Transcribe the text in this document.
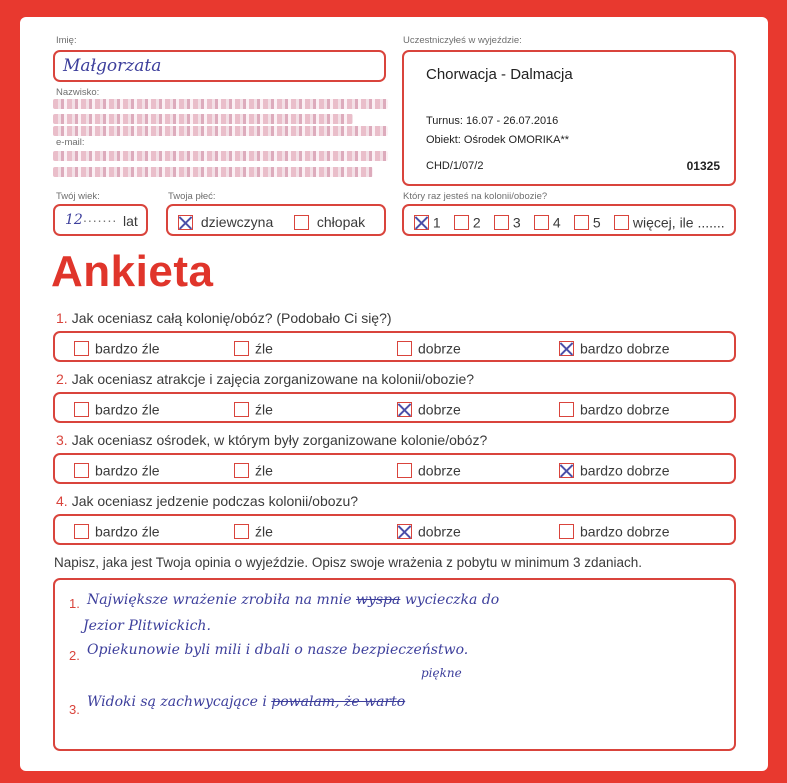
Imię:
Małgorzata
Nazwisko:
e-mail:
Twój wiek:
12 ....... lat
Twoja płeć:
dziewczyna	chłopak
Uczestniczyłeś w wyjeździe:
Chorwacja - Dalmacja
Turnus: 16.07 - 26.07.2016
Obiekt: Ośrodek OMORIKA**
CHD/1/07/2	01325
Który raz jesteś na kolonii/obozie?
1	2	3	4	5	więcej, ile .......
Ankieta
1. Jak oceniasz całą kolonię/obóz? (Podobało Ci się?)
bardzo źle	źle	dobrze	bardzo dobrze
2. Jak oceniasz atrakcje i zajęcia zorganizowane na kolonii/obozie?
bardzo źle	źle	dobrze	bardzo dobrze
3. Jak oceniasz ośrodek, w którym były zorganizowane kolonie/obóz?
bardzo źle	źle	dobrze	bardzo dobrze
4. Jak oceniasz jedzenie podczas kolonii/obozu?
bardzo źle	źle	dobrze	bardzo dobrze
Napisz, jaka jest Twoja opinia o wyjeździe. Opisz swoje wrażenia z pobytu w minimum 3 zdaniach.
1. Największe wrażenie zrobiła na mnie wyspa wycieczka do
Jezior Plitwickich.
2. Opiekunowie byli mili i dbali o nasze bezpieczeństwo.
piękne
3. Widoki są zachwycające i powalam, że warto
